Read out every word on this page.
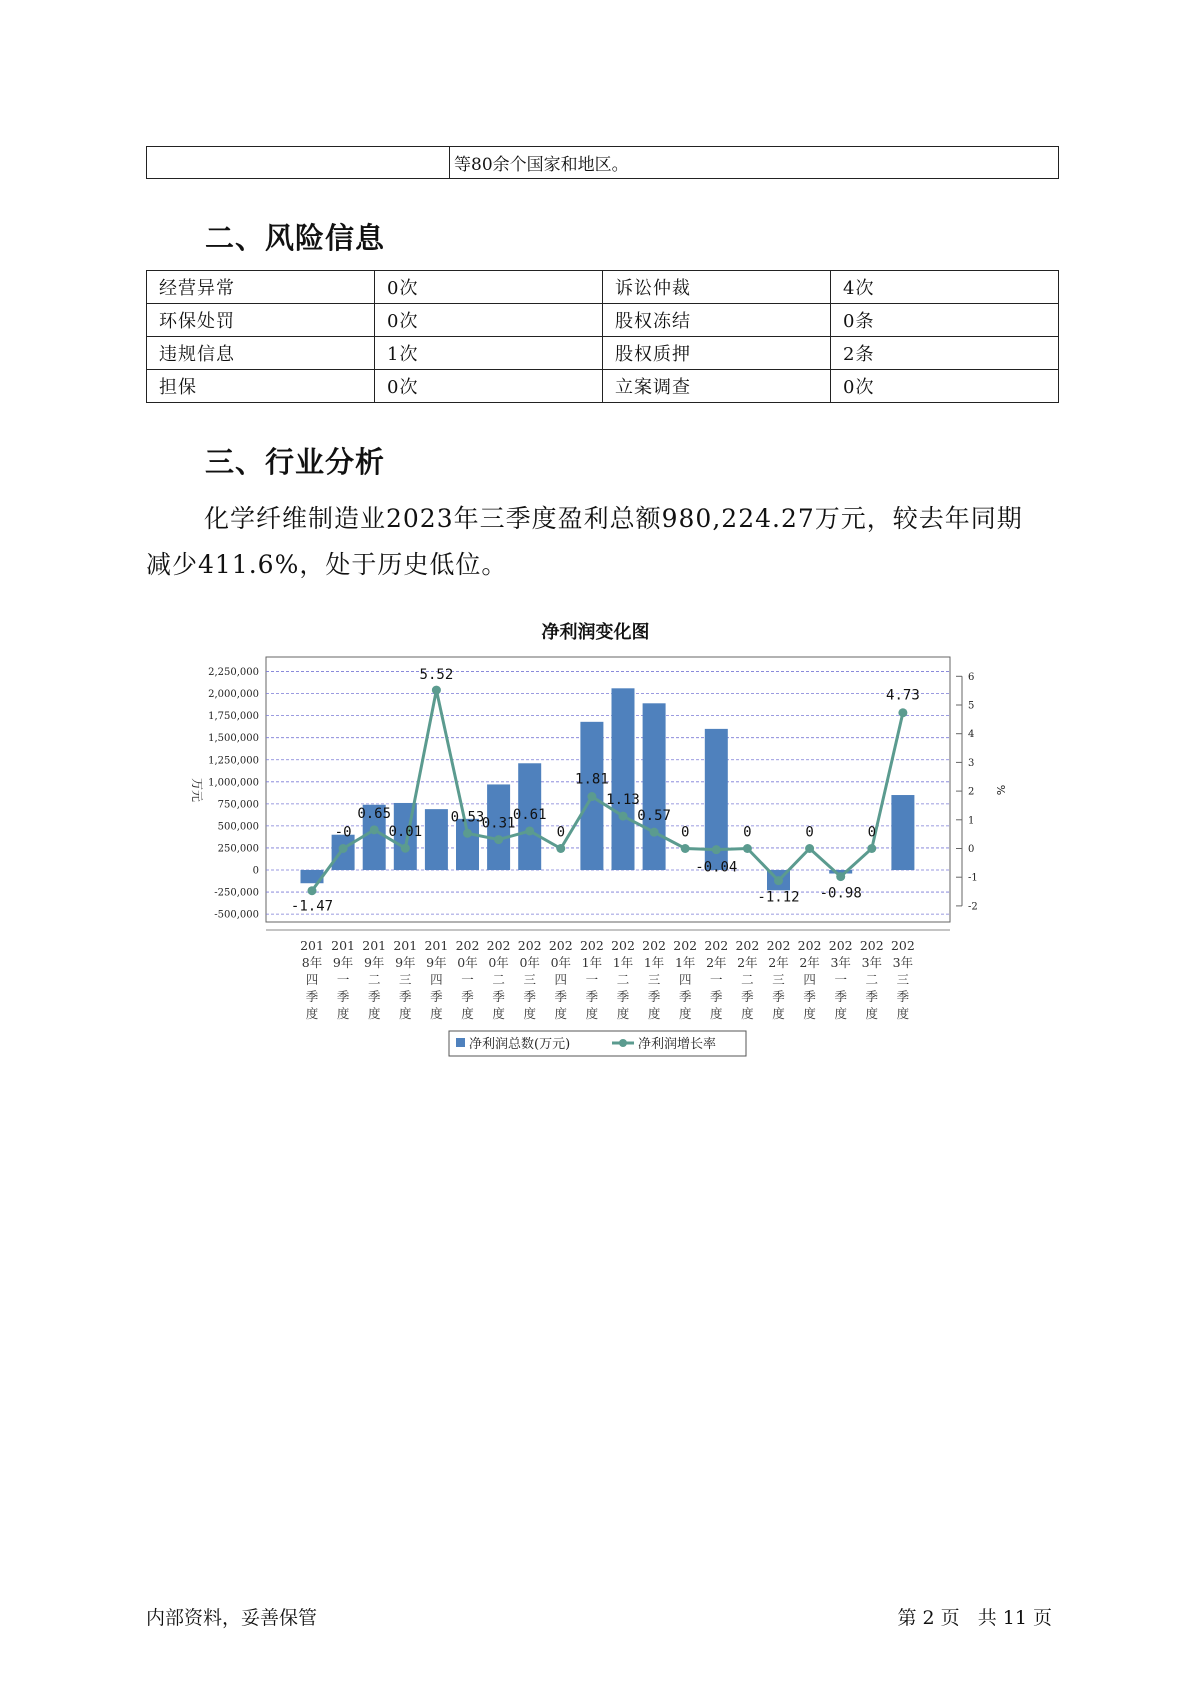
	等80余个国家和地区。
二、风险信息
经营异常	0次	诉讼仲裁	4次
环保处罚	0次	股权冻结	0条
违规信息	1次	股权质押	2条
担保	0次	立案调查	0次
三、行业分析
化学纤维制造业2023年三季度盈利总额980,224.27万元，较去年同期
减少411.6%，处于历史低位。
净利润变化图
-1.47
-0
0.65
0.01
5.52
0.53
0.31
0.61
0
1.81
1.13
0.57
0
-0.04
0
-1.12
0
-0.98
0
4.73
2,250,000
2,000,000
1,750,000
1,500,000
1,250,000
1,000,000
750,000
500,000
250,000
0
-250,000
-500,000
6
5
4
3
2
1
0
-1
-2
万元	%
201
8年
四
季
度
201
9年
一
季
度
201
9年
二
季
度
201
9年
三
季
度
201
9年
四
季
度
202
0年
一
季
度
202
0年
二
季
度
202
0年
三
季
度
202
0年
四
季
度
202
1年
一
季
度
202
1年
二
季
度
202
1年
三
季
度
202
1年
四
季
度
202
2年
一
季
度
202
2年
二
季
度
202
2年
三
季
度
202
2年
四
季
度
202
3年
一
季
度
202
3年
二
季
度
202
3年
三
季
度
净利润总数(万元)	净利润增长率
内部资料，妥善保管	第 2 页   共 11 页
